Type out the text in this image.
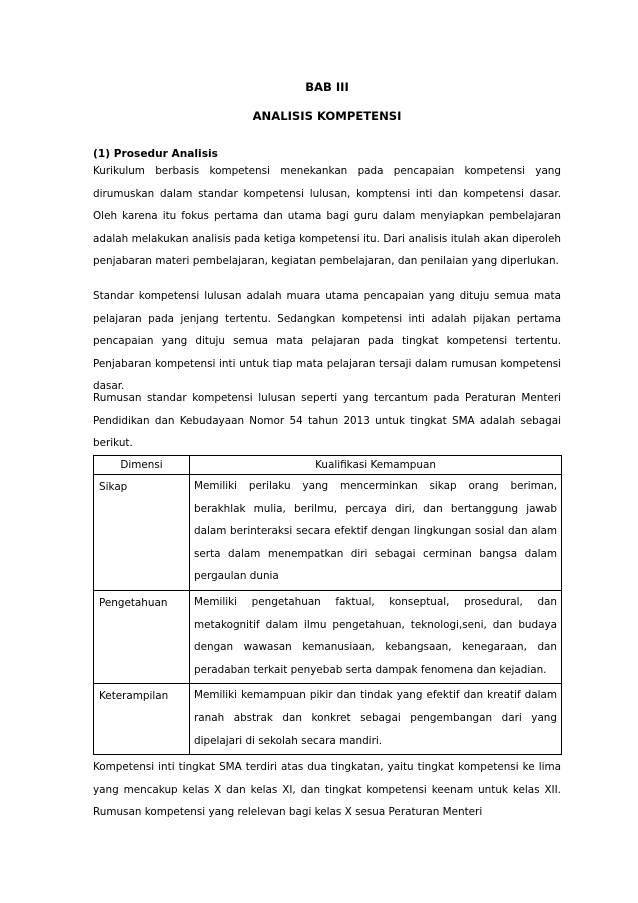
BAB III
ANALISIS KOMPETENSI
(1) Prosedur Analisis

Kurikulum berbasis kompetensi menekankan pada pencapaian kompetensi yang dirumuskan dalam standar kompetensi lulusan, komptensi inti dan kompetensi dasar. Oleh karena itu fokus pertama dan utama bagi guru dalam menyiapkan pembelajaran adalah melakukan analisis pada ketiga kompetensi itu. Dari analisis itulah akan diperoleh penjabaran materi pembelajaran, kegiatan pembelajaran, dan penilaian yang diperlukan.

Standar kompetensi lulusan adalah muara utama pencapaian yang dituju semua mata pelajaran pada jenjang tertentu. Sedangkan kompetensi inti adalah pijakan pertama pencapaian yang dituju semua mata pelajaran pada tingkat kompetensi tertentu. Penjabaran kompetensi inti untuk tiap mata pelajaran tersaji dalam rumusan kompetensi dasar.

Rumusan standar kompetensi lulusan seperti yang tercantum pada Peraturan Menteri Pendidikan dan Kebudayaan Nomor 54 tahun 2013 untuk tingkat SMA adalah sebagai berikut.

Dimensi	Kualifikasi Kemampuan
Sikap	Memiliki perilaku yang mencerminkan sikap orang beriman, berakhlak mulia, berilmu, percaya diri, dan bertanggung jawab dalam berinteraksi secara efektif dengan lingkungan sosial dan alam serta dalam menempatkan diri sebagai cerminan bangsa dalam pergaulan dunia
Pengetahuan	Memiliki pengetahuan faktual, konseptual, prosedural, dan metakognitif dalam ilmu pengetahuan, teknologi,seni, dan budaya dengan wawasan kemanusiaan, kebangsaan, kenegaraan, dan peradaban terkait penyebab serta dampak fenomena dan kejadian.
Keterampilan	Memiliki kemampuan pikir dan tindak yang efektif dan kreatif dalam ranah abstrak dan konkret sebagai pengembangan dari yang dipelajari di sekolah secara mandiri.

Kompetensi inti tingkat SMA terdiri atas dua tingkatan, yaitu tingkat kompetensi ke lima yang mencakup kelas X dan kelas XI, dan tingkat kompetensi keenam untuk kelas XII. Rumusan kompetensi yang relelevan bagi kelas X sesua Peraturan Menteri
